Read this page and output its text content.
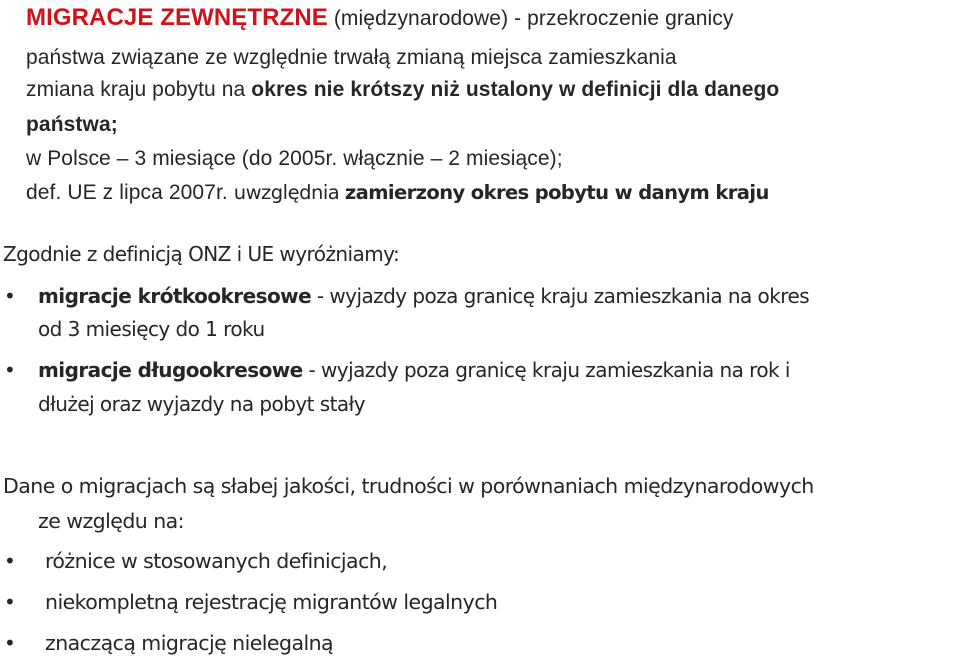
MIGRACJE ZEWNĘTRZNE (międzynarodowe) - przekroczenie granicy
państwa związane ze względnie trwałą zmianą miejsca zamieszkania
zmiana kraju pobytu na okres nie krótszy niż ustalony w definicji dla danego
państwa;
w Polsce – 3 miesiące (do 2005r. włącznie – 2 miesiące);
def. UE z lipca 2007r. uwzględnia zamierzony okres pobytu w danym kraju
Zgodnie z definicją ONZ i UE wyróżniamy:
• migracje krótkookresowe - wyjazdy poza granicę kraju zamieszkania na okres
od 3 miesięcy do 1 roku
• migracje długookresowe - wyjazdy poza granicę kraju zamieszkania na rok i
dłużej oraz wyjazdy na pobyt stały
Dane o migracjach są słabej jakości, trudności w porównaniach międzynarodowych
ze względu na:
• różnice w stosowanych definicjach,
• niekompletną rejestrację migrantów legalnych
• znaczącą migrację nielegalną
